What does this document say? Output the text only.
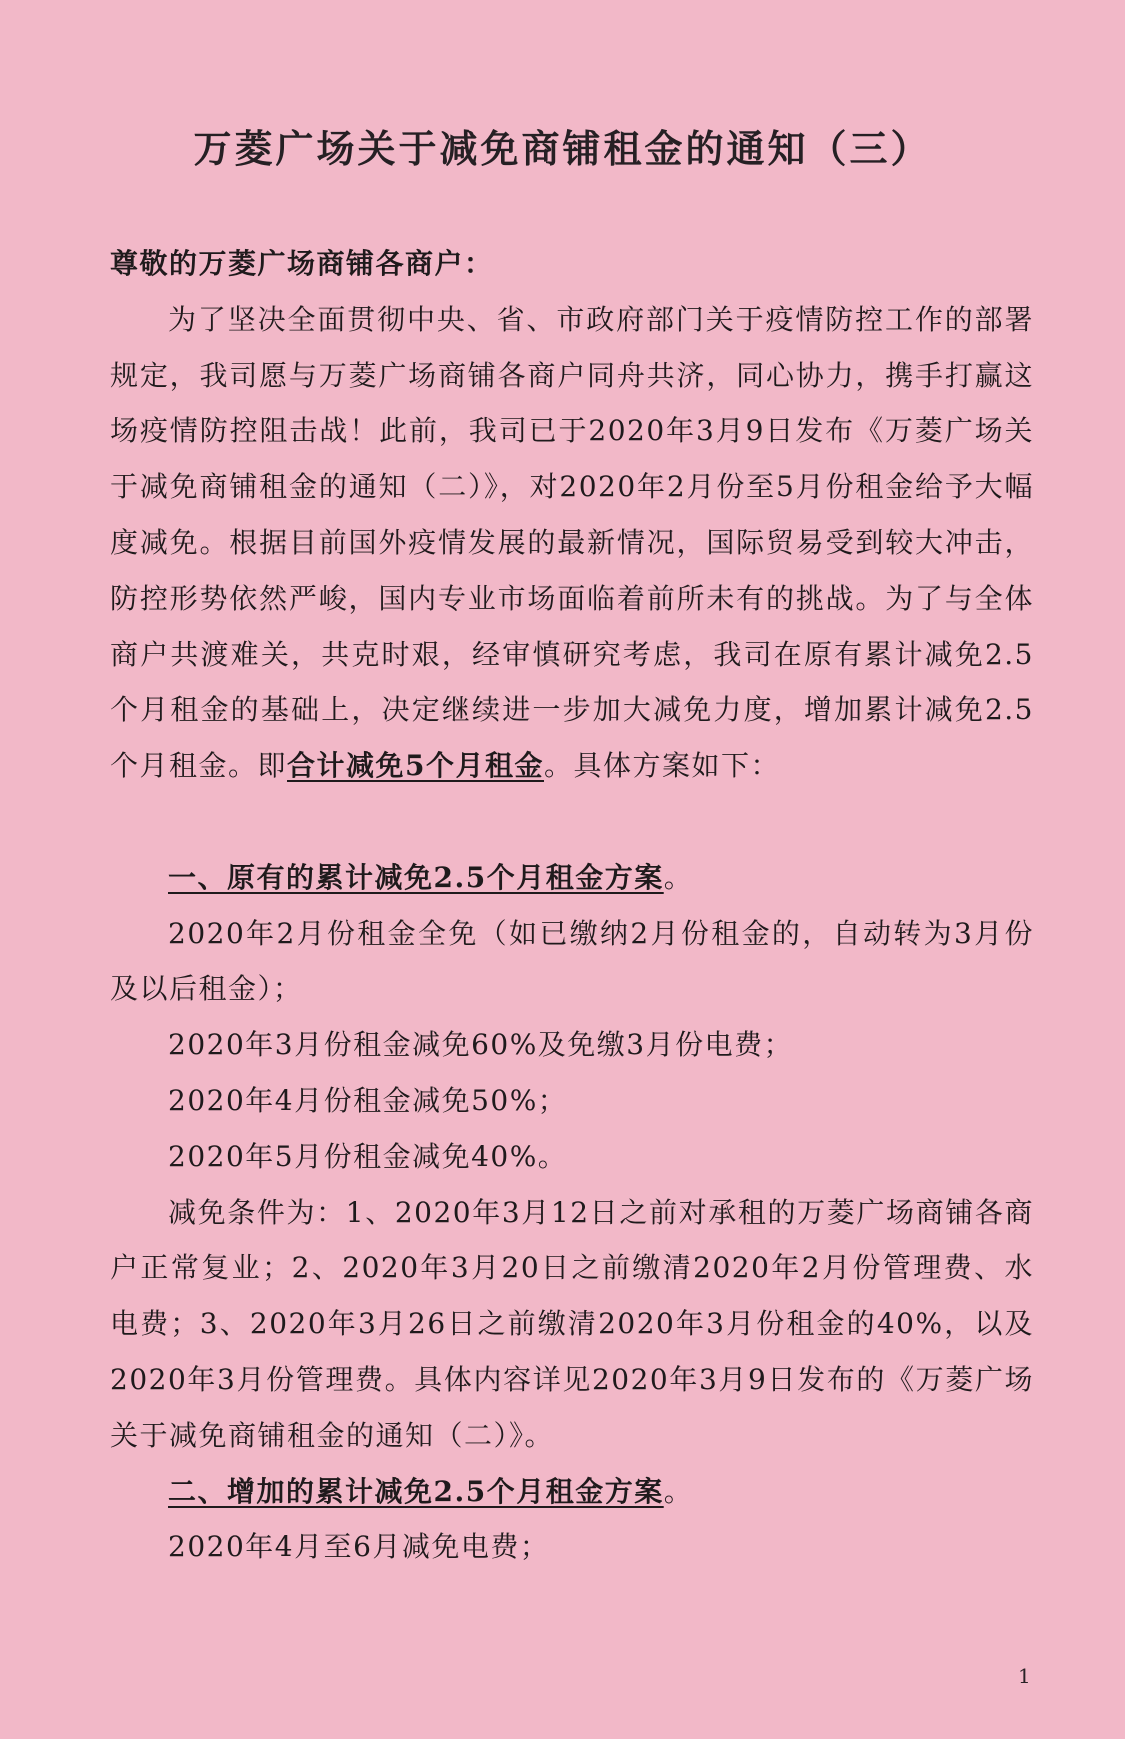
万菱广场关于减免商铺租金的通知（三）

尊敬的万菱广场商铺各商户：

为了坚决全面贯彻中央、省、市政府部门关于疫情防控工作的部署规定，我司愿与万菱广场商铺各商户同舟共济，同心协力，携手打赢这场疫情防控阻击战！此前，我司已于2020年3月9日发布《万菱广场关于减免商铺租金的通知（二）》，对2020年2月份至5月份租金给予大幅度减免。根据目前国外疫情发展的最新情况，国际贸易受到较大冲击，防控形势依然严峻，国内专业市场面临着前所未有的挑战。为了与全体商户共渡难关，共克时艰，经审慎研究考虑，我司在原有累计减免2.5个月租金的基础上，决定继续进一步加大减免力度，增加累计减免2.5个月租金。即合计减免5个月租金。具体方案如下：

一、原有的累计减免2.5个月租金方案。

2020年2月份租金全免（如已缴纳2月份租金的，自动转为3月份及以后租金）；

2020年3月份租金减免60%及免缴3月份电费；

2020年4月份租金减免50%；

2020年5月份租金减免40%。

减免条件为：1、2020年3月12日之前对承租的万菱广场商铺各商户正常复业；2、2020年3月20日之前缴清2020年2月份管理费、水电费；3、2020年3月26日之前缴清2020年3月份租金的40%，以及2020年3月份管理费。具体内容详见2020年3月9日发布的《万菱广场关于减免商铺租金的通知（二）》。

二、增加的累计减免2.5个月租金方案。

2020年4月至6月减免电费；

1
